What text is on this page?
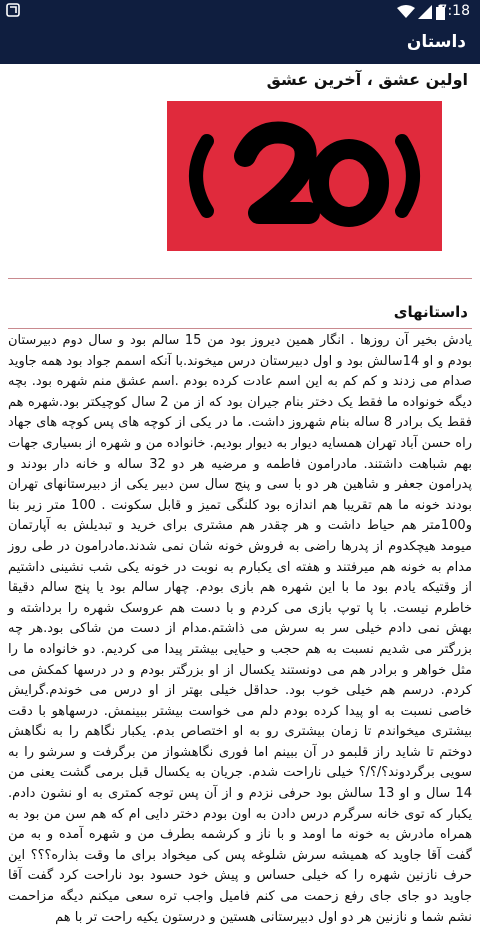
7:18
داستان
اولین عشق ، آخرین عشق
داستانهای
یادش بخیر آن روزها . انگار همین دیروز بود من 15 سالم بود و سال دوم دبیرستان بودم و او 14سالش بود و اول دبیرستان درس میخوند.با آنکه اسمم جواد بود همه جاوید صدام می زدند و کم کم به این اسم عادت کرده بودم .اسم عشق منم شهره بود. بچه دیگه خونواده ما فقط یک دختر بنام جیران بود که از من 2 سال کوچیکتر بود.شهره هم فقط یک برادر 8 ساله بنام شهروز داشت. ما در یکی از کوچه های پس کوچه های جهاد راه حسن آباد تهران همسایه دیوار به دیوار بودیم. خانواده من و شهره از بسیاری جهات بهم شباهت داشتند. مادرامون فاطمه و مرضیه هر دو 32 ساله و خانه دار بودند و پدرامون جعفر و شاهین هر دو با سی و پنج سال سن دبیر یکی از دبیرستانهای تهران بودند خونه ما هم تقریبا هم اندازه بود کلنگی تمیز و قابل سکونت . 100 متر زیر بنا و100متر هم حیاط داشت و هر چقدر هم مشتری برای خرید و تبدیلش به آپارتمان میومد هیچکدوم از پدرها راضی به فروش خونه شان نمی شدند.مادرامون در طی روز مدام به خونه هم میرفتند و هفته ای یکبارم به نوبت در خونه یکی شب نشینی داشتیم از وقتیکه یادم بود ما با این شهره هم بازی بودم. چهار سالم بود یا پنج سالم دقیقا خاطرم نیست. با پا توپ بازی می کردم و با دست هم عروسک شهره را برداشته و بهش نمی دادم خیلی سر به سرش می ذاشتم.مدام از دست من شاکی بود.هر چه بزرگتر می شدیم نسبت به هم حجب و حیایی بیشتر پیدا می کردیم. دو خانواده ما را مثل خواهر و برادر هم می دونستند یکسال از او بزرگتر بودم و در درسها کمکش می کردم. درسم هم خیلی خوب بود. حداقل خیلی بهتر از او درس می خوندم.گرایش خاصی نسبت به او پیدا کرده بودم دلم می خواست بیشتر ببینمش. درسهاهو با دقت بیشتری میخواندم تا زمان بیشتری رو به او اختصاص بدم. یکبار نگاهم را به نگاهش دوختم تا شاید راز قلبمو در آن ببینم اما فوری نگاهشواز من برگرفت و سرشو را به سویی برگردوند؟/؟/؟ خیلی ناراحت شدم. جریان به یکسال قبل برمی گشت یعنی من 14 سال و او 13 سالش بود حرفی نزدم و از آن پس توجه کمتری به او نشون دادم. یکبار که توی خانه سرگرم درس دادن به اون بودم دختر دایی ام که هم سن من بود به همراه مادرش به خونه ما اومد و با ناز و کرشمه بطرف من و شهره آمده و به من گفت آقا جاوید که همیشه سرش شلوغه پس کی میخواد برای ما وقت بذاره؟؟؟ این حرف نازنین شهره را که خیلی حساس و پیش خود حسود بود ناراحت کرد گفت آقا جاوید دو جای جای رفع زحمت می کنم فامیل واجب تره سعی میکنم دیگه مزاحمت نشم شما و نازنین هر دو اول دبیرستانی هستین و درستون یکیه راحت تر با هم
